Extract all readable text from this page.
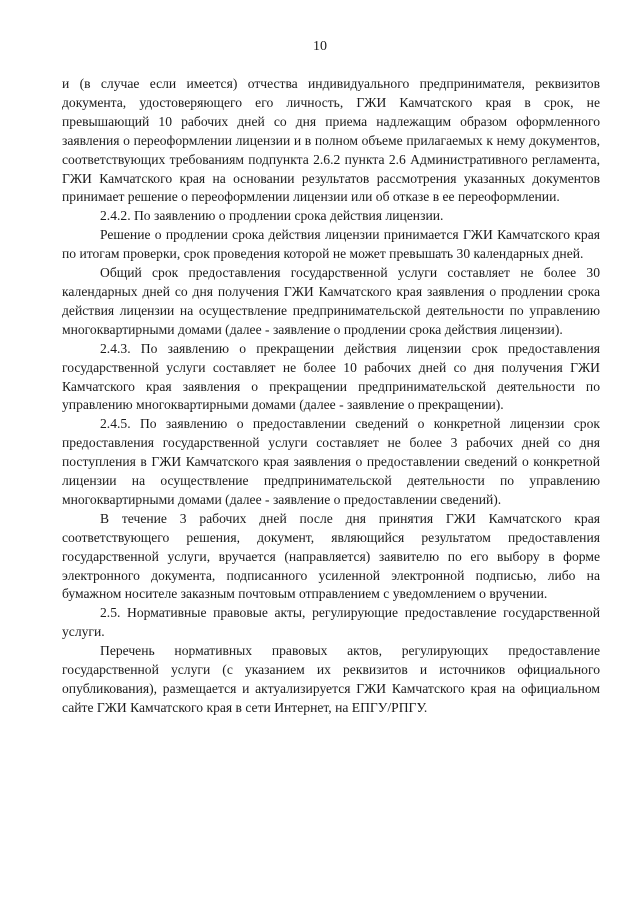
10

и (в случае если имеется) отчества индивидуального предпринимателя, реквизитов документа, удостоверяющего его личность, ГЖИ Камчатского края в срок, не превышающий 10 рабочих дней со дня приема надлежащим образом оформленного заявления о переоформлении лицензии и в полном объеме прилагаемых к нему документов, соответствующих требованиям подпункта 2.6.2 пункта 2.6 Административного регламента, ГЖИ Камчатского края на основании результатов рассмотрения указанных документов принимает решение о переоформлении лицензии или об отказе в ее переоформлении.

2.4.2. По заявлению о продлении срока действия лицензии.

Решение о продлении срока действия лицензии принимается ГЖИ Камчатского края по итогам проверки, срок проведения которой не может превышать 30 календарных дней.

Общий срок предоставления государственной услуги составляет не более 30 календарных дней со дня получения ГЖИ Камчатского края заявления о продлении срока действия лицензии на осуществление предпринимательской деятельности по управлению многоквартирными домами (далее - заявление о продлении срока действия лицензии).

2.4.3. По заявлению о прекращении действия лицензии срок предоставления государственной услуги составляет не более 10 рабочих дней со дня получения ГЖИ Камчатского края заявления о прекращении предпринимательской деятельности по управлению многоквартирными домами (далее - заявление о прекращении).

2.4.5. По заявлению о предоставлении сведений о конкретной лицензии срок предоставления государственной услуги составляет не более 3 рабочих дней со дня поступления в ГЖИ Камчатского края заявления о предоставлении сведений о конкретной лицензии на осуществление предпринимательской деятельности по управлению многоквартирными домами (далее - заявление о предоставлении сведений).

В течение 3 рабочих дней после дня принятия ГЖИ Камчатского края соответствующего решения, документ, являющийся результатом предоставления государственной услуги, вручается (направляется) заявителю по его выбору в форме электронного документа, подписанного усиленной электронной подписью, либо на бумажном носителе заказным почтовым отправлением с уведомлением о вручении.

2.5. Нормативные правовые акты, регулирующие предоставление государственной услуги.

Перечень нормативных правовых актов, регулирующих предоставление государственной услуги (с указанием их реквизитов и источников официального опубликования), размещается и актуализируется ГЖИ Камчатского края на официальном сайте ГЖИ Камчатского края в сети Интернет, на ЕПГУ/РПГУ.
